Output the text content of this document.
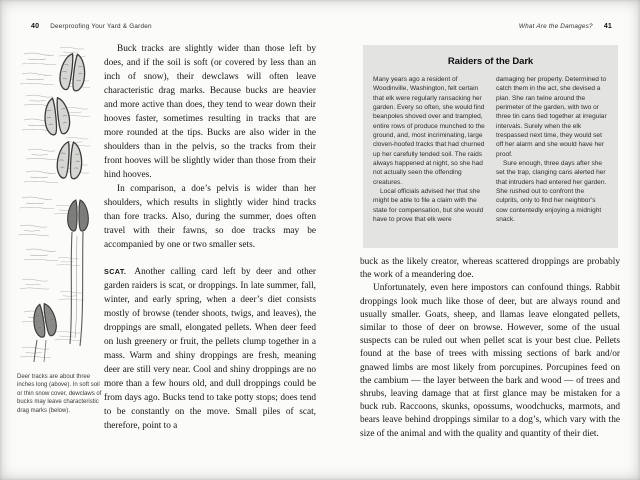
40 Deerproofing Your Yard & Garden

Deer tracks are about three inches long (above). In soft soil or thin snow cover, dewclaws of bucks may leave characteristic drag marks (below).

Buck tracks are slightly wider than those left by does, and if the soil is soft (or covered by less than an inch of snow), their dewclaws will often leave characteristic drag marks. Because bucks are heavier and more active than does, they tend to wear down their hooves faster, sometimes resulting in tracks that are more rounded at the tips. Bucks are also wider in the shoulders than in the pelvis, so the tracks from their front hooves will be slightly wider than those from their hind hooves.

In comparison, a doe’s pelvis is wider than her shoulders, which results in slightly wider hind tracks than fore tracks. Also, during the summer, does often travel with their fawns, so doe tracks may be accompanied by one or two smaller sets.

SCAT. Another calling card left by deer and other garden raiders is scat, or droppings. In late summer, fall, winter, and early spring, when a deer’s diet consists mostly of browse (tender shoots, twigs, and leaves), the droppings are small, elongated pellets. When deer feed on lush greenery or fruit, the pellets clump together in a mass. Warm and shiny droppings are fresh, meaning deer are still very near. Cool and shiny droppings are no more than a few hours old, and dull droppings could be from days ago. Bucks tend to take potty stops; does tend to be constantly on the move. Small piles of scat, therefore, point to a

What Are the Damages? 41
Raiders of the Dark

Many years ago a resident of Woodinville, Washington, felt certain that elk were regularly ransacking her garden. Every so often, she would find beanpoles shoved over and trampled, entire rows of produce munched to the ground, and, most incriminating, large cloven-hoofed tracks that had churned up her carefully tended soil. The raids always happened at night, so she had not actually seen the offending creatures.

Local officials advised her that she might be able to file a claim with the state for compensation, but she would have to prove that elk were

damaging her property. Determined to catch them in the act, she devised a plan. She ran twine around the perimeter of the garden, with two or three tin cans tied together at irregular intervals. Surely when the elk trespassed next time, they would set off her alarm and she would have her proof.

Sure enough, three days after she set the trap, clanging cans alerted her that intruders had entered her garden. She rushed out to confront the culprits, only to find her neighbor’s cow contentedly enjoying a midnight snack.

buck as the likely creator, whereas scattered droppings are probably the work of a meandering doe.

Unfortunately, even here impostors can confound things. Rabbit droppings look much like those of deer, but are always round and usually smaller. Goats, sheep, and llamas leave elongated pellets, similar to those of deer on browse. However, some of the usual suspects can be ruled out when pellet scat is your best clue. Pellets found at the base of trees with missing sections of bark and/or gnawed limbs are most likely from porcupines. Porcupines feed on the cambium — the layer between the bark and wood — of trees and shrubs, leaving damage that at first glance may be mistaken for a buck rub. Raccoons, skunks, opossums, woodchucks, marmots, and bears leave behind droppings similar to a dog’s, which vary with the size of the animal and with the quality and quantity of their diet.
